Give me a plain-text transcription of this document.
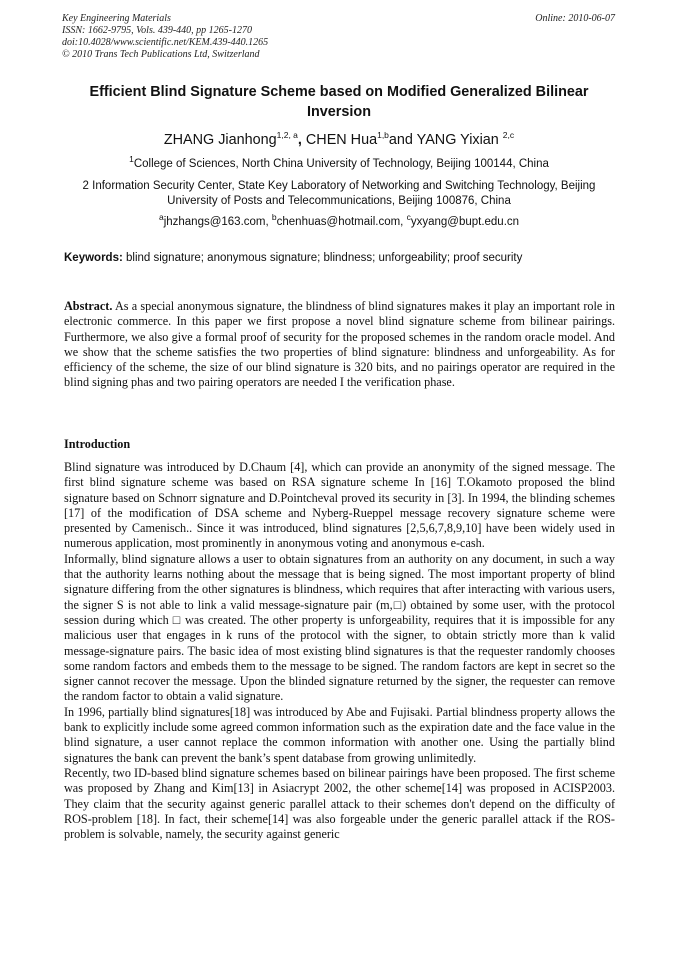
Key Engineering Materials
ISSN: 1662-9795, Vols. 439-440, pp 1265-1270
doi:10.4028/www.scientific.net/KEM.439-440.1265
© 2010 Trans Tech Publications Ltd, Switzerland
Online: 2010-06-07
Efficient Blind Signature Scheme based on Modified Generalized Bilinear Inversion
ZHANG Jianhong$^{1,2, a}$, CHEN Hua$^{1,b}$and YANG Yixian $^{2,c}$
$^1$College of Sciences, North China University of Technology, Beijing 100144, China
2 Information Security Center, State Key Laboratory of Networking and Switching Technology, Beijing University of Posts and Telecommunications, Beijing 100876, China
$^a$jhzhangs@163.com, $^b$chenhuas@hotmail.com, $^c$yxyang@bupt.edu.cn
Keywords: blind signature; anonymous signature; blindness; unforgeability; proof security
Abstract. As a special anonymous signature, the blindness of blind signatures makes it play an important role in electronic commerce. In this paper we first propose a novel blind signature scheme from bilinear pairings. Furthermore, we also give a formal proof of security for the proposed schemes in the random oracle model. And we show that the scheme satisfies the two properties of blind signature: blindness and unforgeability. As for efficiency of the scheme, the size of our blind signature is 320 bits, and no pairings operator are required in the blind signing phas and two pairing operators are needed I the verification phase.
Introduction

Blind signature was introduced by D.Chaum [4], which can provide an anonymity of the signed message. The first blind signature scheme was based on RSA signature scheme In [16] T.Okamoto proposed the blind signature based on Schnorr signature and D.Pointcheval proved its security in [3]. In 1994, the blinding schemes [17] of the modification of DSA scheme and Nyberg-Rueppel message recovery signature scheme were presented by Camenisch.. Since it was introduced, blind signatures [2,5,6,7,8,9,10] have been widely used in numerous application, most prominently in anonymous voting and anonymous e-cash.

Informally, blind signature allows a user to obtain signatures from an authority on any document, in such a way that the authority learns nothing about the message that is being signed. The most important property of blind signature differing from the other signatures is blindness, which requires that after interacting with various users, the signer S is not able to link a valid message-signature pair (m,□) obtained by some user, with the protocol session during which □ was created. The other property is unforgeability, requires that it is impossible for any malicious user that engages in k runs of the protocol with the signer, to obtain strictly more than k valid message-signature pairs. The basic idea of most existing blind signatures is that the requester randomly chooses some random factors and embeds them to the message to be signed. The random factors are kept in secret so the signer cannot recover the message. Upon the blinded signature returned by the signer, the requester can remove the random factor to obtain a valid signature.

In 1996, partially blind signatures[18] was introduced by Abe and Fujisaki. Partial blindness property allows the bank to explicitly include some agreed common information such as the expiration date and the face value in the blind signature, a user cannot replace the common information with another one. Using the partially blind signatures the bank can prevent the bank’s spent database from growing unlimitedly.

Recently, two ID-based blind signature schemes based on bilinear pairings have been proposed. The first scheme was proposed by Zhang and Kim[13] in Asiacrypt 2002, the other scheme[14] was proposed in ACISP2003. They claim that the security against generic parallel attack to their schemes don't depend on the difficulty of ROS-problem [18]. In fact, their scheme[14] was also forgeable under the generic parallel attack if the ROS-problem is solvable, namely, the security against generic
